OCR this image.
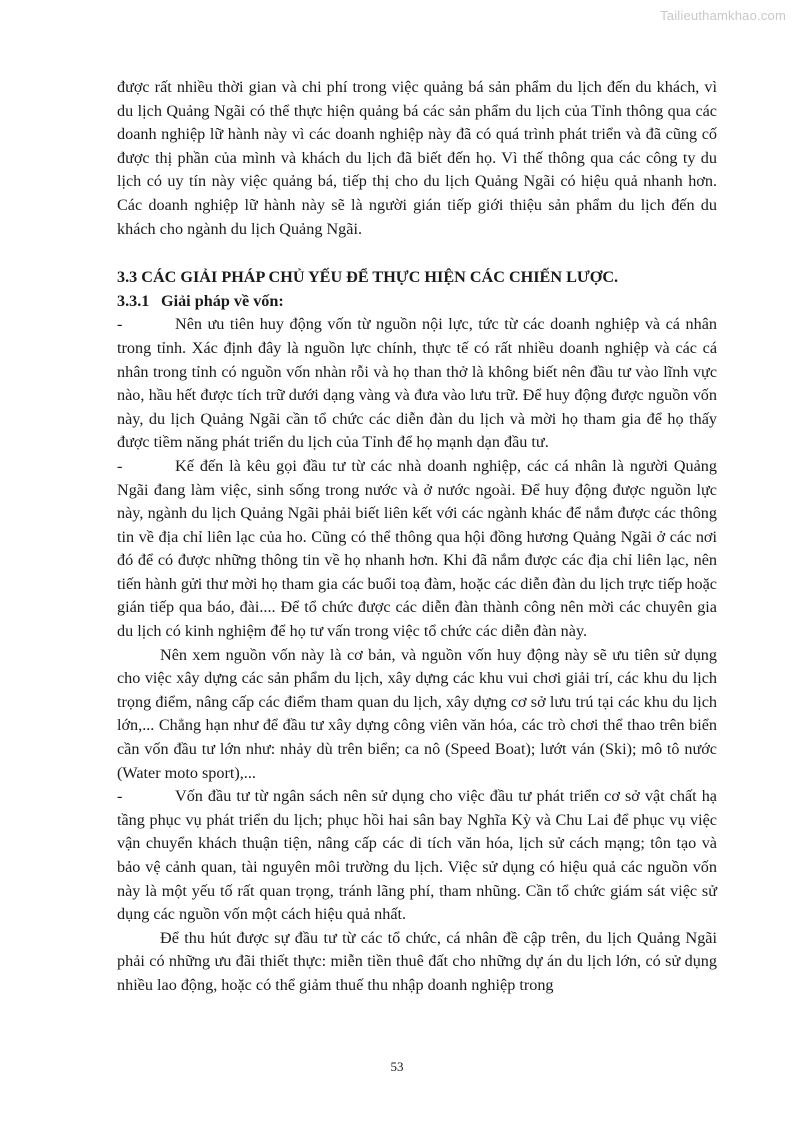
Tailieuthamkhao.com

được rất nhiều thời gian và chi phí trong việc quảng bá sản phẩm du lịch đến du khách, vì du lịch Quảng Ngãi có thể thực hiện quảng bá các sản phẩm du lịch của Tỉnh thông qua các doanh nghiệp lữ hành này vì các doanh nghiệp này đã có quá trình phát triển và đã cũng cố được thị phần của mình và khách du lịch đã biết đến họ. Vì thế thông qua các công ty du lịch có uy tín này việc quảng bá, tiếp thị cho du lịch Quảng Ngãi có hiệu quả nhanh hơn. Các doanh nghiệp lữ hành này sẽ là người gián tiếp giới thiệu sản phẩm du lịch đến du khách cho ngành du lịch Quảng Ngãi.

3.3 CÁC GIẢI PHÁP CHỦ YẾU ĐỂ THỰC HIỆN CÁC CHIẾN LƯỢC.
3.3.1 Giải pháp về vốn:

-	Nên ưu tiên huy động vốn từ nguồn nội lực, tức từ các doanh nghiệp và cá nhân trong tỉnh. Xác định đây là nguồn lực chính, thực tế có rất nhiều doanh nghiệp và các cá nhân trong tỉnh có nguồn vốn nhàn rỗi và họ than thở là không biết nên đầu tư vào lĩnh vực nào, hầu hết được tích trữ dưới dạng vàng và đưa vào lưu trữ. Để huy động được nguồn vốn này, du lịch Quảng Ngãi cần tổ chức các diễn đàn du lịch và mời họ tham gia để họ thấy được tiềm năng phát triển du lịch của Tỉnh để họ mạnh dạn đầu tư.

-	Kế đến là kêu gọi đầu tư từ các nhà doanh nghiệp, các cá nhân là người Quảng Ngãi đang làm việc, sinh sống trong nước và ở nước ngoài. Để huy động được nguồn lực này, ngành du lịch Quảng Ngãi phải biết liên kết với các ngành khác để nắm được các thông tin về địa chỉ liên lạc của ho. Cũng có thể thông qua hội đồng hương Quảng Ngãi ở các nơi đó để có được những thông tin về họ nhanh hơn. Khi đã nắm được các địa chỉ liên lạc, nên tiến hành gửi thư mời họ tham gia các buổi toạ đàm, hoặc các diễn đàn du lịch trực tiếp hoặc gián tiếp qua báo, đài.... Để tổ chức được các diễn đàn thành công nên mời các chuyên gia du lịch có kinh nghiệm để họ tư vấn trong việc tổ chức các diễn đàn này.

Nên xem nguồn vốn này là cơ bản, và nguồn vốn huy động này sẽ ưu tiên sử dụng cho việc xây dựng các sản phẩm du lịch, xây dựng các khu vui chơi giải trí, các khu du lịch trọng điểm, nâng cấp các điểm tham quan du lịch, xây dựng cơ sở lưu trú tại các khu du lịch lớn,... Chẳng hạn như để đầu tư xây dựng công viên văn hóa, các trò chơi thể thao trên biển cần vốn đầu tư lớn như: nhảy dù trên biển; ca nô (Speed Boat); lướt ván (Ski); mô tô nước (Water moto sport),...

-	Vốn đầu tư từ ngân sách nên sử dụng cho việc đầu tư phát triển cơ sở vật chất hạ tầng phục vụ phát triển du lịch; phục hồi hai sân bay Nghĩa Kỳ và Chu Lai để phục vụ việc vận chuyển khách thuận tiện, nâng cấp các di tích văn hóa, lịch sử cách mạng; tôn tạo và bảo vệ cảnh quan, tài nguyên môi trường du lịch. Việc sử dụng có hiệu quả các nguồn vốn này là một yếu tố rất quan trọng, tránh lãng phí, tham nhũng. Cần tổ chức giám sát việc sử dụng các nguồn vốn một cách hiệu quả nhất.

Để thu hút được sự đầu tư từ các tổ chức, cá nhân đề cập trên, du lịch Quảng Ngãi phải có những ưu đãi thiết thực: miễn tiền thuê đất cho những dự án du lịch lớn, có sử dụng nhiều lao động, hoặc có thể giảm thuế thu nhập doanh nghiệp trong

53
